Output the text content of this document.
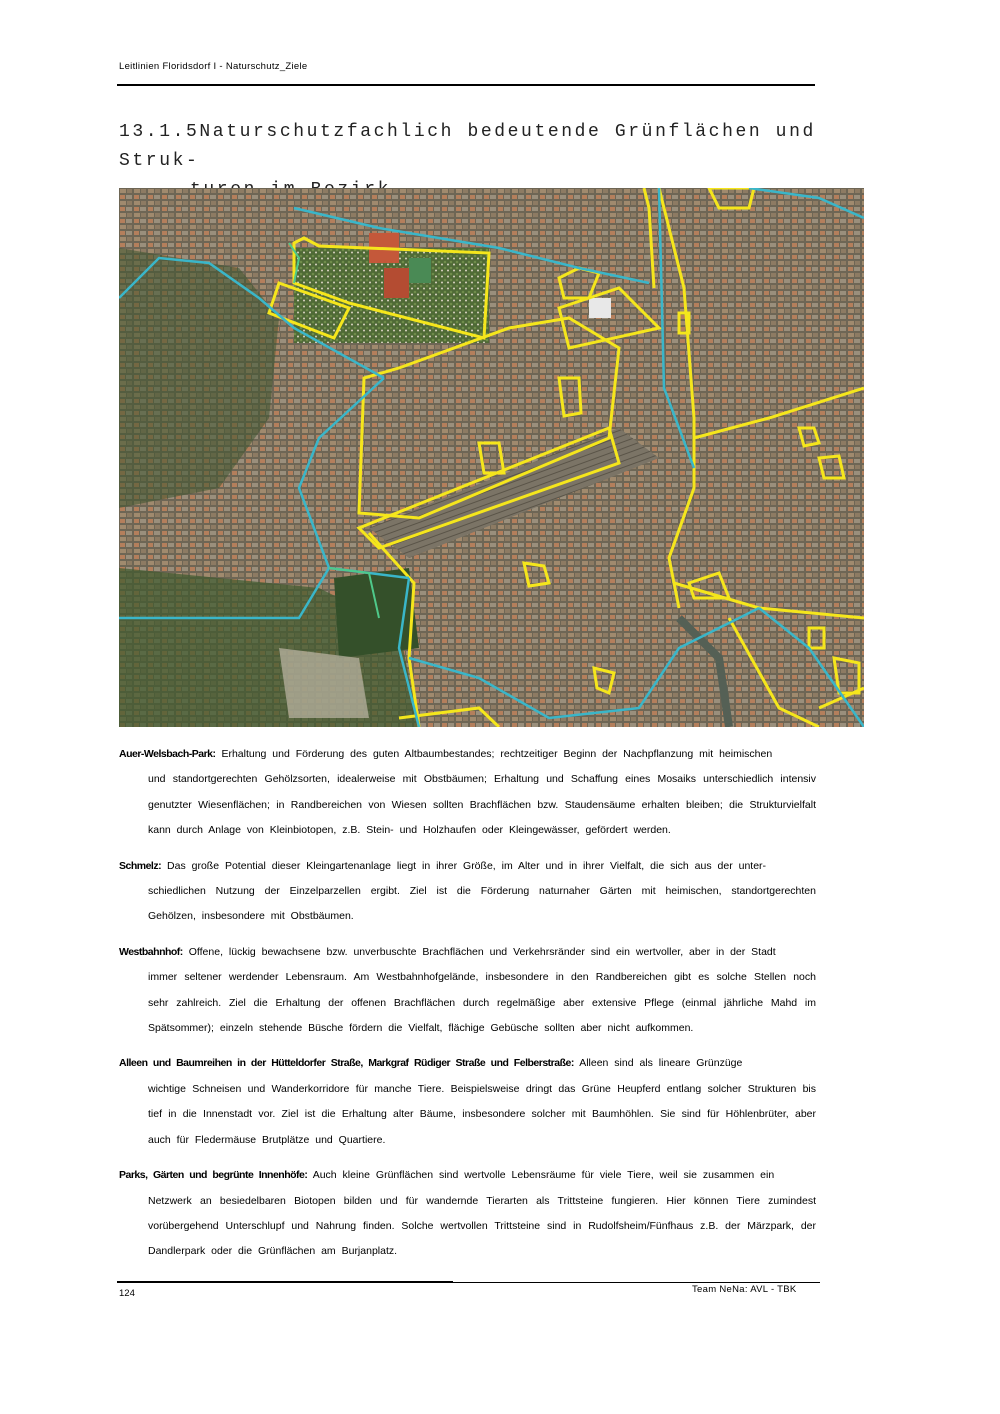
Leitlinien Floridsdorf I - Naturschutz_Ziele
13.1.5Naturschutzfachlich bedeutende Grünflächen und Struk-

Auer-Welsbach-Park: Erhaltung und Förderung des guten Altbaumbestandes; rechtzeitiger Beginn der Nachpflanzung mit heimischen
und standortgerechten Gehölzsorten, idealerweise mit Obstbäumen; Erhaltung und Schaffung eines Mosaiks unterschiedlich intensiv genutzter Wiesenflächen; in Randbereichen von Wiesen sollten Brachflächen bzw. Staudensäume erhalten bleiben; die Strukturvielfalt kann durch Anlage von Kleinbiotopen, z.B. Stein- und Holzhaufen oder Kleingewässer, gefördert werden.

Schmelz: Das große Potential dieser Kleingartenanlage liegt in ihrer Größe, im Alter und in ihrer Vielfalt, die sich aus der unter-
schiedlichen Nutzung der Einzelparzellen ergibt. Ziel ist die Förderung naturnaher Gärten mit heimischen, standortgerechten Gehölzen, insbesondere mit Obstbäumen.

Westbahnhof: Offene, lückig bewachsene bzw. unverbuschte Brachflächen und Verkehrsränder sind ein wertvoller, aber in der Stadt
immer seltener werdender Lebensraum. Am Westbahnhofgelände, insbesondere in den Randbereichen gibt es solche Stellen noch sehr zahlreich. Ziel die Erhaltung der offenen Brachflächen durch regelmäßige aber extensive Pflege (einmal jährliche Mahd im Spätsommer); einzeln stehende Büsche fördern die Vielfalt, flächige Gebüsche sollten aber nicht aufkommen.

Alleen und Baumreihen in der Hütteldorfer Straße, Markgraf Rüdiger Straße und Felberstraße: Alleen sind als lineare Grünzüge
wichtige Schneisen und Wanderkorridore für manche Tiere. Beispielsweise dringt das Grüne Heupferd entlang solcher Strukturen bis tief in die Innenstadt vor. Ziel ist die Erhaltung alter Bäume, insbesondere solcher mit Baumhöhlen. Sie sind für Höhlenbrüter, aber auch für Fledermäuse Brutplätze und Quartiere.

Parks, Gärten und begrünte Innenhöfe: Auch kleine Grünflächen sind wertvolle Lebensräume für viele Tiere, weil sie zusammen ein
Netzwerk an besiedelbaren Biotopen bilden und für wandernde Tierarten als Trittsteine fungieren. Hier können Tiere zumindest vorübergehend Unterschlupf und Nahrung finden. Solche wertvollen Trittsteine sind in Rudolfsheim/Fünfhaus z.B. der Märzpark, der Dandlerpark oder die Grünflächen am Burjanplatz.

124	Team NeNa: AVL - TBK
